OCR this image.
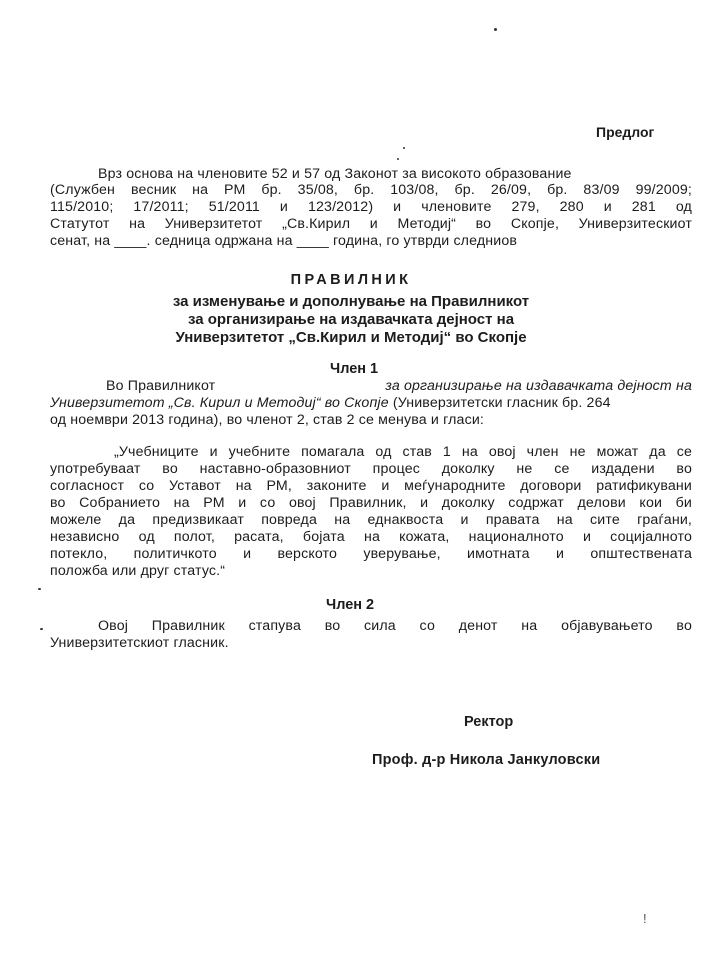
Предлог
Врз основа на членовите 52 и 57 од Законот за високото образование
(Службен весник на РМ бр. 35/08, бр. 103/08, бр. 26/09, бр. 83/09 99/2009;
115/2010; 17/2011; 51/2011 и 123/2012) и членовите 279, 280 и 281 од
Статутот на Универзитетот „Св.Кирил и Методиј“ во Скопје, Универзитескиот
сенат, на ____. седница одржана на ____ година, го утврди следниов
ПРАВИЛНИК
за изменување и дополнување на Правилникот
за организирање на издавачката дејност на
Универзитетот „Св.Кирил и Методиј“ во Скопје
Член 1
Во Правилникот	за организирање на издавачката дејност на
Универзитетот „Св. Кирил и Методиј“ во Скопје (Универзитетски гласник бр. 264
од ноември 2013 година), во членот 2, став 2 се менува и гласи:
„Учебниците и учебните помагала од став 1 на овој член не можат да се
употребуваат во наставно-образовниот процес доколку не се издадени во
согласност со Уставот на РМ, законите и меѓународните договори ратификувани
во Собранието на РМ и со овој Правилник, и доколку содржат делови кои би
можеле да предизвикаат повреда на еднаквоста и правата на сите граѓани,
независно од полот, расата, бојата на кожата, националното и социјалното
потекло, политичкото и верското уверување, имотната и општествената
положба или друг статус.“
Член 2
Овој Правилник стапува во сила со денот на објавувањето во
Универзитетскиот гласник.
Ректор
Проф. д-р Никола Јанкуловски
!
